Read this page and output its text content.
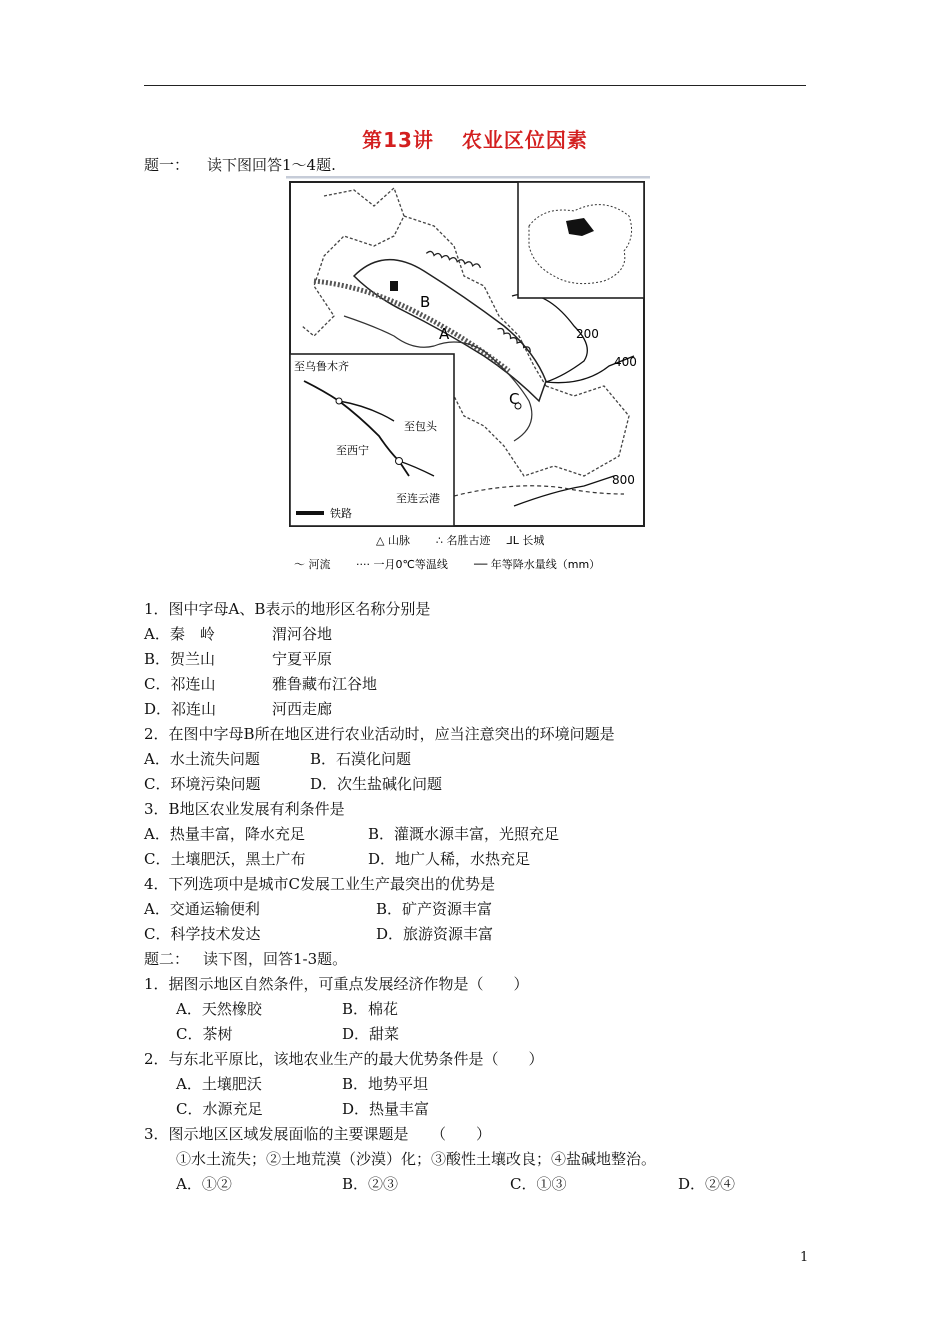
第13讲 农业区位因素
题一： 读下图回答1～4题.
B
A
C
200
400
800
至乌鲁木齐
至包头
至西宁
至连云港
铁路
△ 山脉 ∴ 名胜古迹 ᒧᒪ 长城
～ 河流 ···· 一月0℃等温线 ── 年等降水量线（mm）
1．图中字母A、B表示的地形区名称分别是
A．秦　岭	渭河谷地
B．贺兰山	宁夏平原
C．祁连山	雅鲁藏布江谷地
D．祁连山	河西走廊
2．在图中字母B所在地区进行农业活动时，应当注意突出的环境问题是
A．水土流失问题	B．石漠化问题
C．环境污染问题	D．次生盐碱化问题
3．B地区农业发展有利条件是
A．热量丰富，降水充足	B．灌溉水源丰富，光照充足
C．土壤肥沃，黑土广布	D．地广人稀，水热充足
4．下列选项中是城市C发展工业生产最突出的优势是
A．交通运输便利	B．矿产资源丰富
C．科学技术发达	D．旅游资源丰富
题二： 读下图，回答1-3题。
1．据图示地区自然条件，可重点发展经济作物是（　　）
A．天然橡胶	B．棉花
C．茶树	D．甜菜
2．与东北平原比，该地农业生产的最大优势条件是（　　）
A．土壤肥沃	B．地势平坦
C．水源充足	D．热量丰富
3．图示地区区域发展面临的主要课题是　　（　　）
①水土流失；②土地荒漠（沙漠）化；③酸性土壤改良；④盐碱地整治。
A．①②	B．②③	C．①③	D．②④
1
